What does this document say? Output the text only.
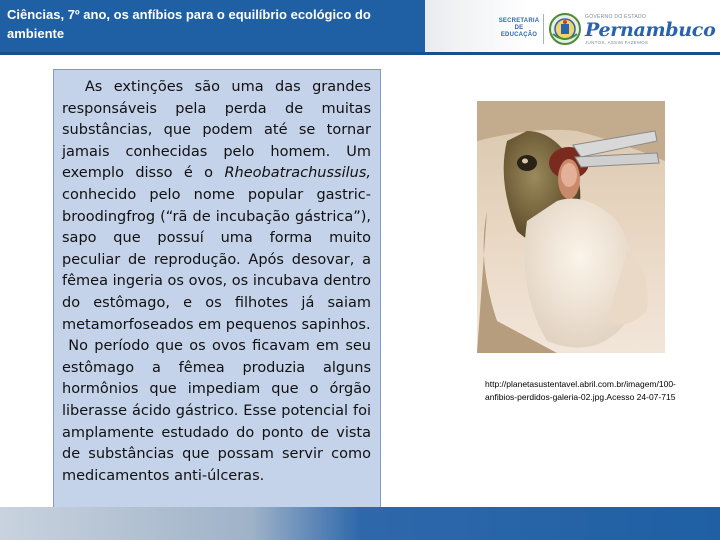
Ciências, 7º ano, os anfíbios para o equilíbrio ecológico do ambiente
SECRETARIA
DE EDUCAÇÃO
GOVERNO DO ESTADO
Pernambuco
JUNTOS, ASSIM FAZEMOS

As extinções são uma das grandes responsáveis pela perda de muitas substâncias, que podem até se tornar jamais conhecidas pelo homem. Um exemplo disso é o Rheobatrachussilus, conhecido pelo nome popular gastric-broodingfrog (“rã de incubação gástrica”), sapo que possuí uma forma muito peculiar de reprodução. Após desovar, a fêmea ingeria os ovos, os incubava dentro do estômago, e os filhotes já saiam metamorfoseados em pequenos sapinhos.

No período que os ovos ficavam em seu estômago a fêmea produzia alguns hormônios que impediam que o órgão liberasse ácido gástrico. Esse potencial foi amplamente estudado do ponto de vista de substâncias que possam servir como medicamentos anti-úlceras.

http://planetasustentavel.abril.com.br/imagem/100-anfibios-perdidos-galeria-02.jpg.Acesso 24-07-715
